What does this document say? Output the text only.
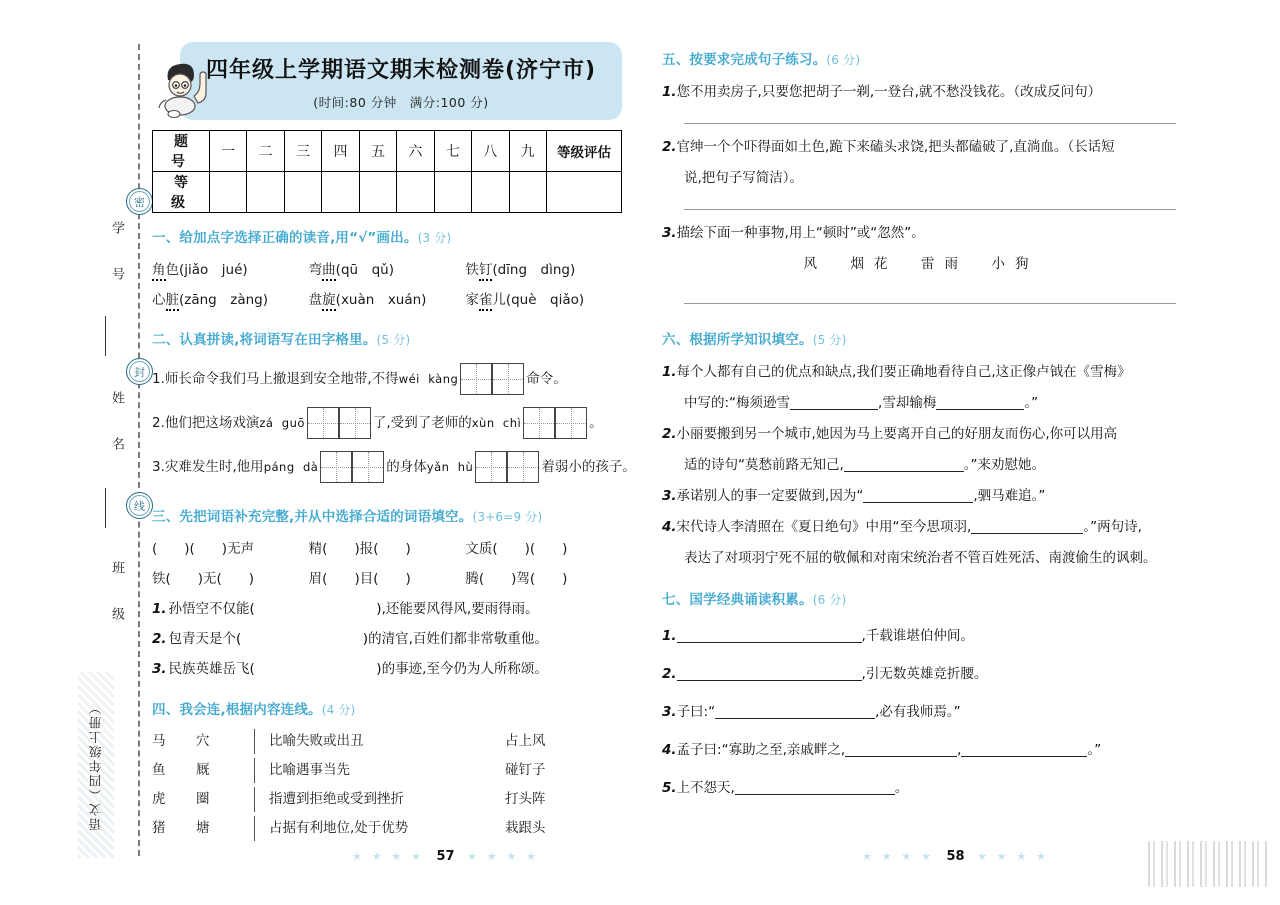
学　号
姓　名
班　级
密
封
线
语文（四年级上册）
四年级上学期语文期末检测卷(济宁市)
(时间:80 分钟　满分:100 分)
题　号	一	二	三	四	五	六	七	八	九	等级评估
等　级										
一、给加点字选择正确的读音,用“√”画出。(3 分)
角色(jiǎo　jué)	弯曲(qū　qǔ)	铁钉(dīng　dìng)
心脏(zāng　zàng)	盘旋(xuàn　xuán)	家雀儿(què　qiǎo)
二、认真拼读,将词语写在田字格里。(5 分)
1.师长命令我们马上撤退到安全地带,不得wéi kàng	命令。
2.他们把这场戏演zá guō	了,受到了老师的xùn chì	。
3.灾难发生时,他用páng dà	的身体yǎn hù	着弱小的孩子。
三、先把词语补充完整,并从中选择合适的词语填空。(3+6=9 分)
(　　)(　　)无声	精(　　)报(　　)	文质(　　)(　　)
铁(　　)无(　　)	眉(　　)目(　　)	腾(　　)驾(　　)
1. 孙悟空不仅能(　　　　　　　　　),还能要风得风,要雨得雨。
2. 包青天是个(　　　　　　　　　)的清官,百姓们都非常敬重他。
3. 民族英雄岳飞(　　　　　　　　　)的事迹,至今仍为人所称颂。
四、我会连,根据内容连线。(4 分)
马	穴	比喻失败或出丑	占上风
鱼	厩	比喻遇事当先	碰钉子
虎	圈	指遭到拒绝或受到挫折	打头阵
猪	塘	占据有利地位,处于优势	栽跟头
五、按要求完成句子练习。(6 分)
1.您不用卖房子,只要您把胡子一剃,一登台,就不愁没钱花。（改成反问句）
2.官绅一个个吓得面如土色,跪下来磕头求饶,把头都磕破了,直淌血。（长话短
说,把句子写简洁）。
3.描绘下面一种事物,用上“顿时”或“忽然”。
风　烟花　雷雨　小狗
六、根据所学知识填空。(5 分)
1.每个人都有自己的优点和缺点,我们要正确地看待自己,这正像卢钺在《雪梅》
中写的:“梅须逊雪	,雪却输梅	。”
2.小丽要搬到另一个城市,她因为马上要离开自己的好朋友而伤心,你可以用高
适的诗句“莫愁前路无知己,	。”来劝慰她。
3.承诺别人的事一定要做到,因为“	,驷马难追。”
4.宋代诗人李清照在《夏日绝句》中用“至今思项羽,	。”两句诗,
表达了对项羽宁死不屈的敬佩和对南宋统治者不管百姓死活、南渡偷生的讽刺。
七、国学经典诵读积累。(6 分)
1.	,千载谁堪伯仲间。
2.	,引无数英雄竞折腰。
3.子曰:“	,必有我师焉。”
4.孟子曰:“寡助之至,亲戚畔之,	,	。”
5.上不怨天,	。
★ ★ ★ ★ 57 ★ ★ ★ ★	★ ★ ★ ★ 58 ★ ★ ★ ★
